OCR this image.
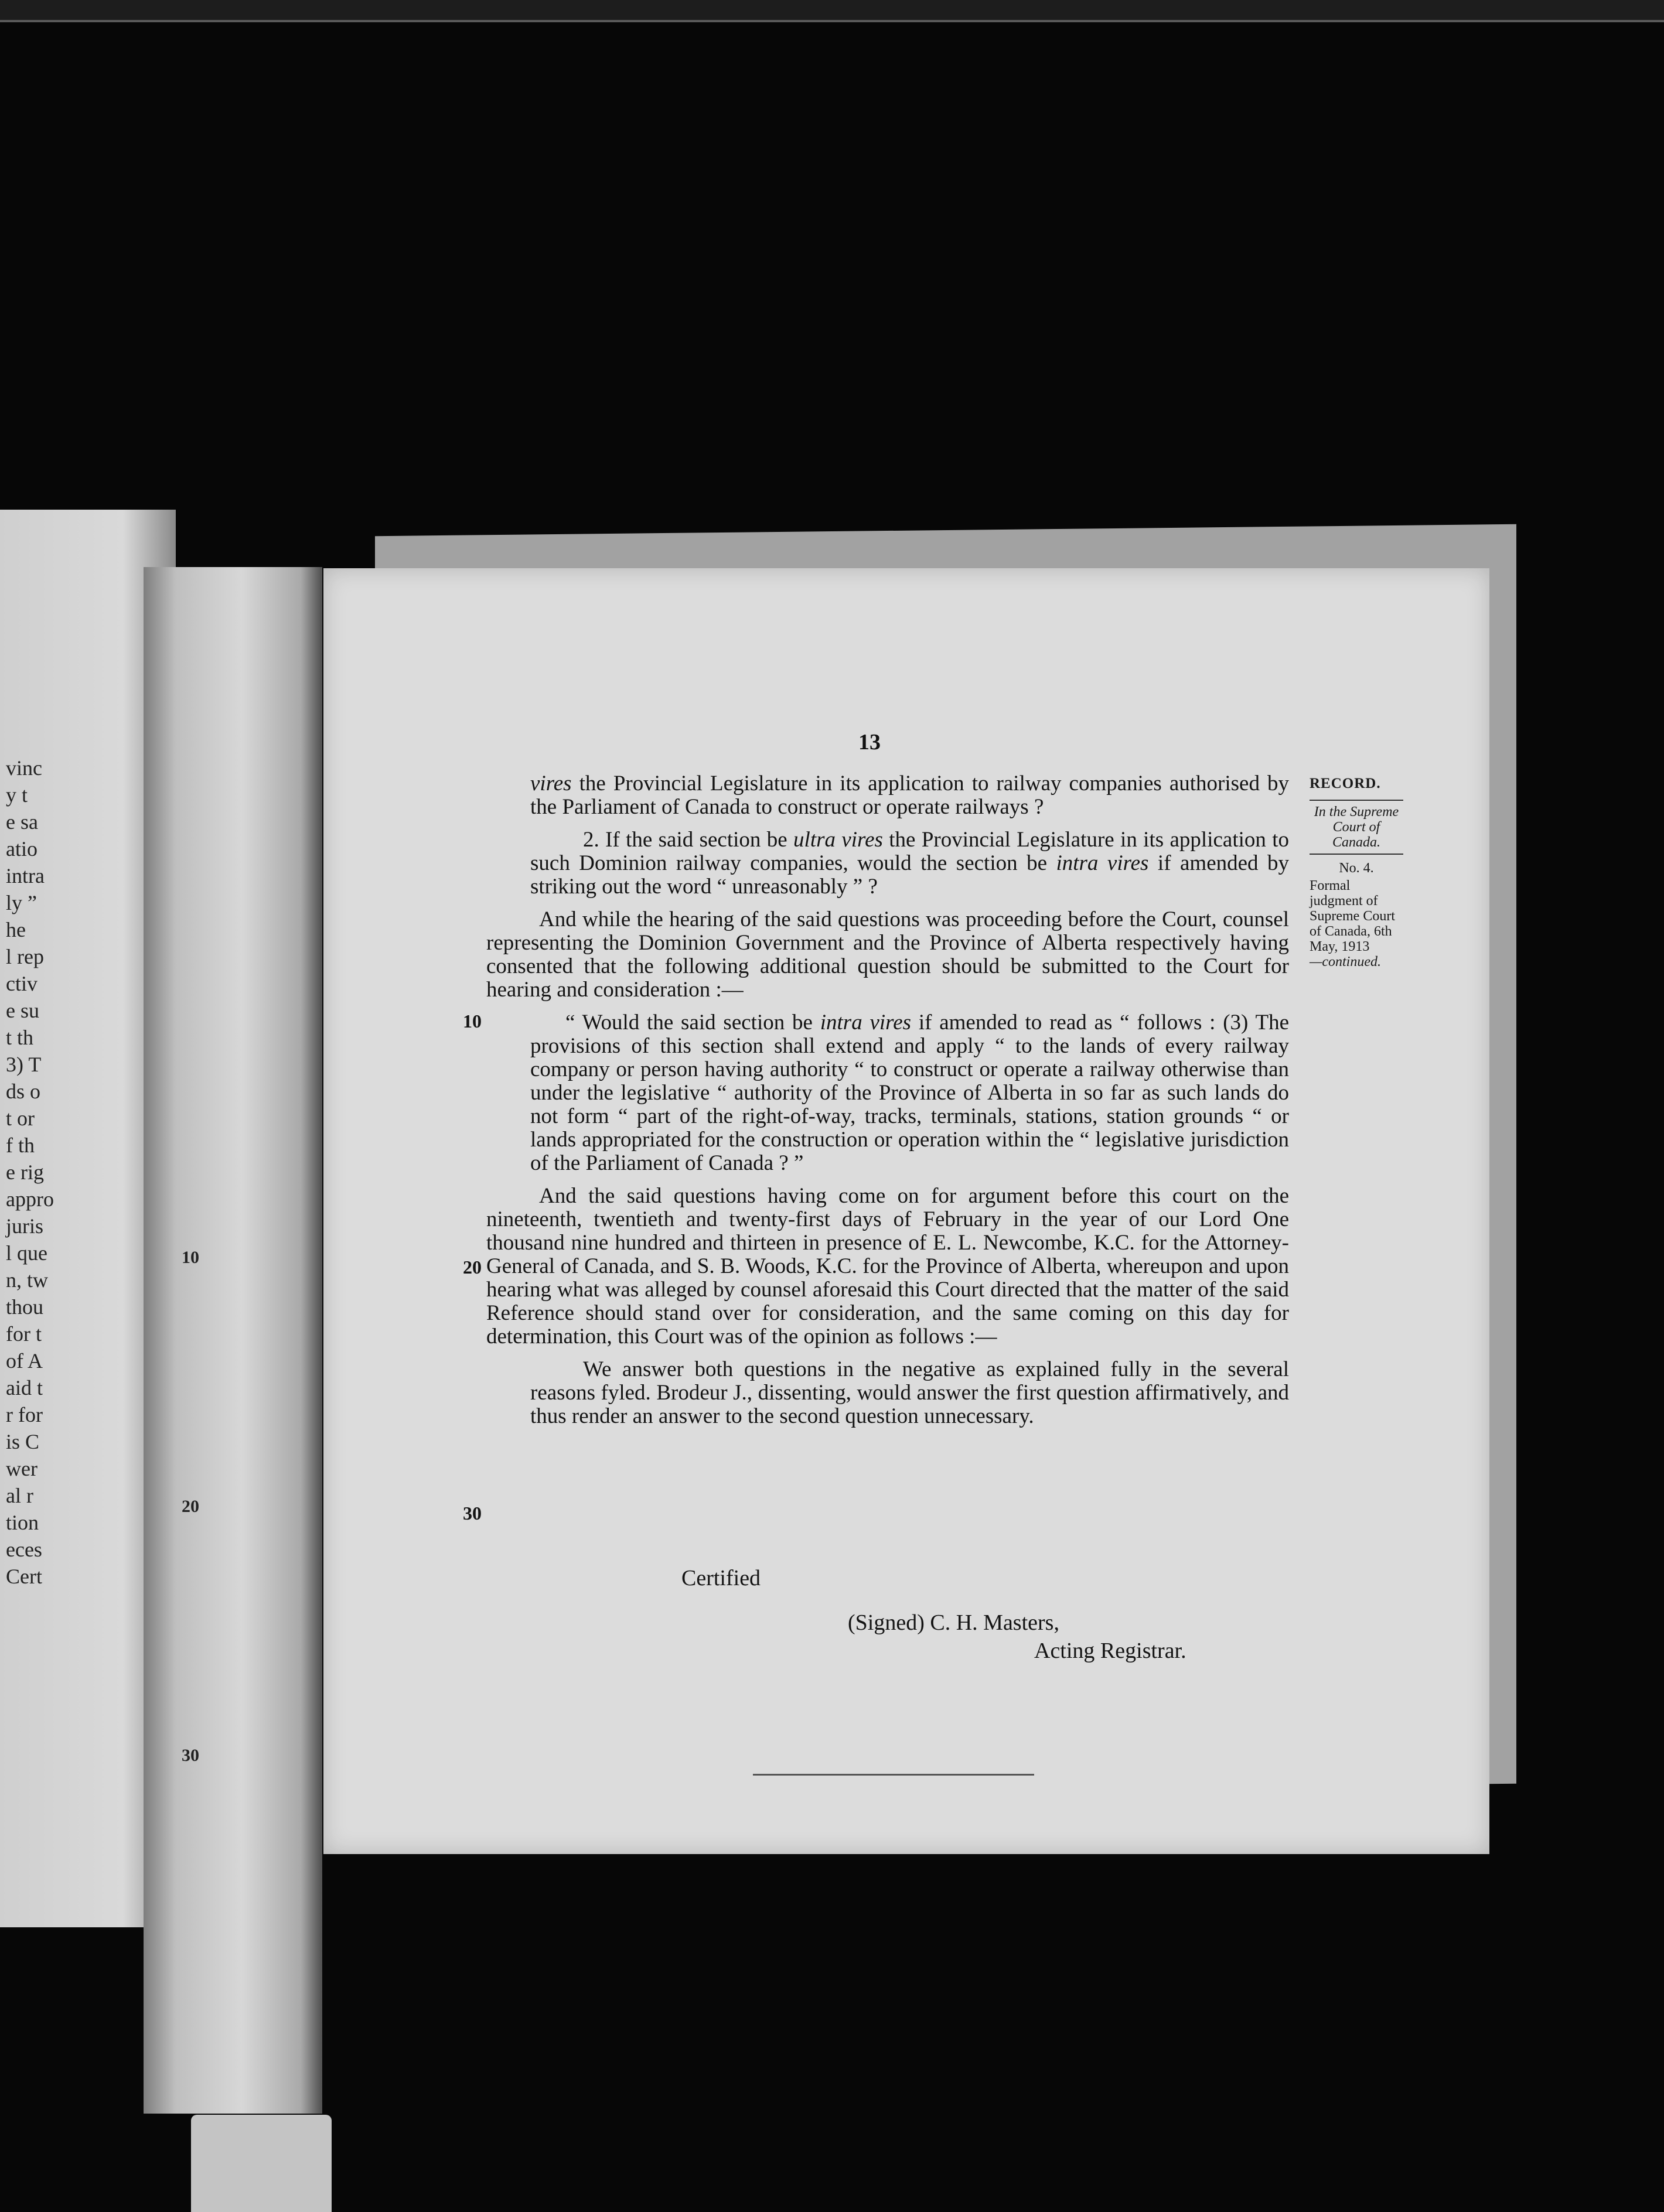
vinc
y t
e sa
atio
intra
ly ”
he
l rep
ctiv
e su
t th
3) T
ds o
t or
f th
e rig
appro
juris
l que
n, tw
thou
for t
of A
aid t
r for
is C
wer
al r
tion
eces
Cert
13

vires the Provincial Legislature in its application to railway companies authorised by the Parliament of Canada to construct or operate railways ?

2. If the said section be ultra vires the Provincial Legislature in its application to such Dominion railway companies, would the section be intra vires if amended by striking out the word “ unreasonably ” ?

And while the hearing of the said questions was proceeding before the Court, counsel representing the Dominion Government and the Province of Alberta respectively having consented that the following additional question should be submitted to the Court for hearing and consideration :—

“ Would the said section be intra vires if amended to read as “ follows : (3) The provisions of this section shall extend and apply “ to the lands of every railway company or person having authority “ to construct or operate a railway otherwise than under the legislative “ authority of the Province of Alberta in so far as such lands do not form “ part of the right-of-way, tracks, terminals, stations, station grounds “ or lands appropriated for the construction or operation within the “ legislative jurisdiction of the Parliament of Canada ? ”

And the said questions having come on for argument before this court on the nineteenth, twentieth and twenty-first days of February in the year of our Lord One thousand nine hundred and thirteen in presence of E. L. Newcombe, K.C. for the Attorney-General of Canada, and S. B. Woods, K.C. for the Province of Alberta, whereupon and upon hearing what was alleged by counsel aforesaid this Court directed that the matter of the said Reference should stand over for consideration, and the same coming on this day for determination, this Court was of the opinion as follows :—

We answer both questions in the negative as explained fully in the several reasons fyled. Brodeur J., dissenting, would answer the first question affirmatively, and thus render an answer to the second question unnecessary.

10
20
30
RECORD.
In the Supreme Court of Canada.
No. 4.
Formal judgment of Supreme Court of Canada, 6th May, 1913
—continued.
Certified
(Signed) C. H. Masters,
Acting Registrar.
10
20
30
